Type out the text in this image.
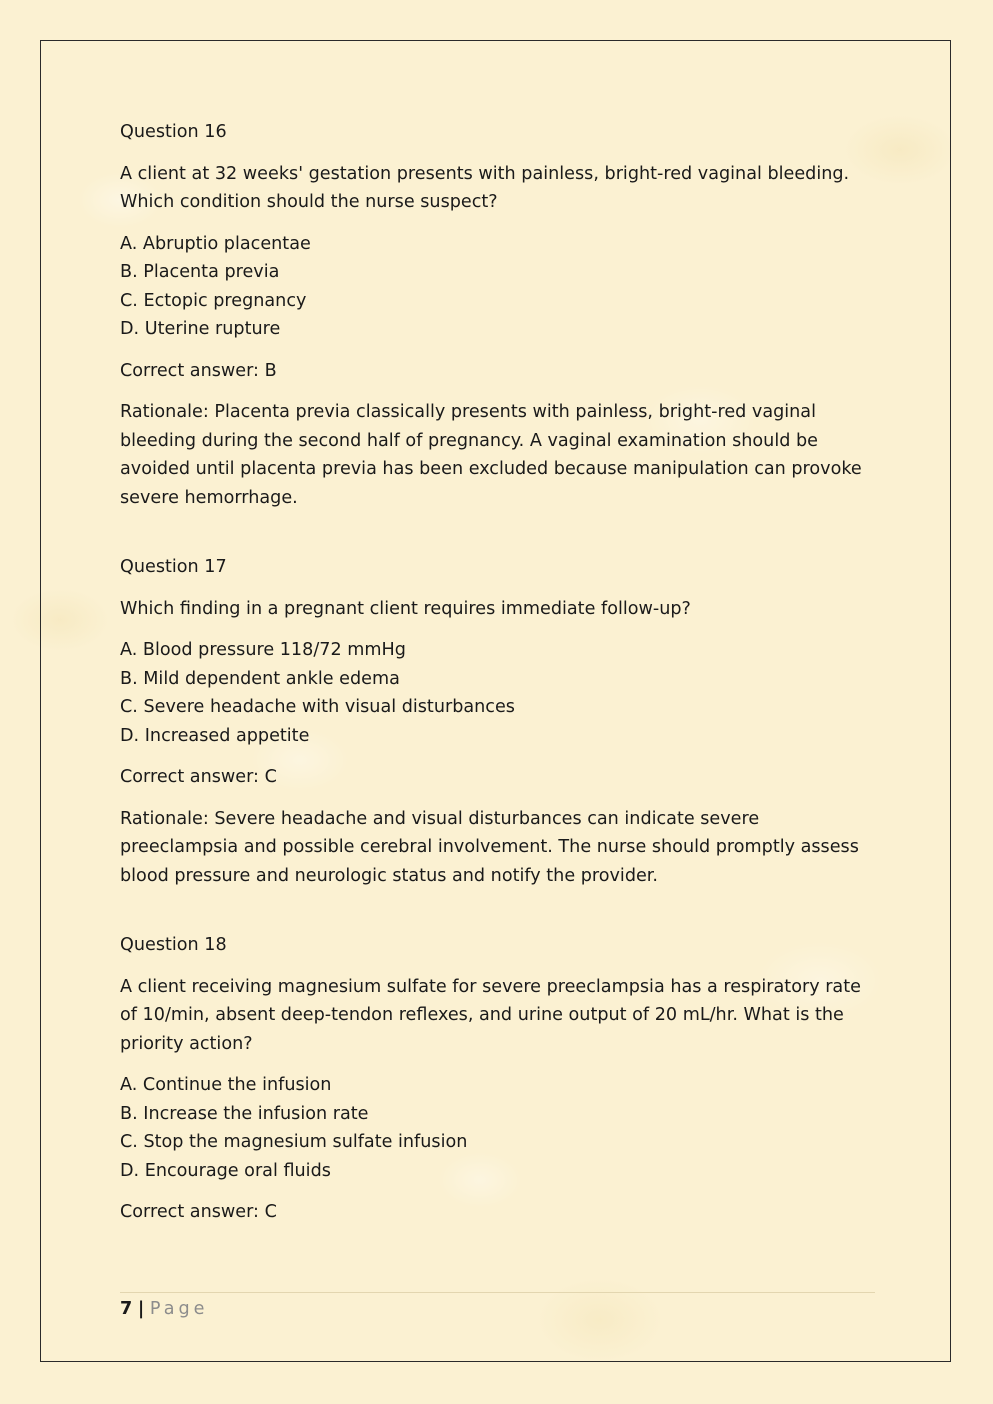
Question 16

A client at 32 weeks' gestation presents with painless, bright-red vaginal bleeding. Which condition should the nurse suspect?

A. Abruptio placentae
B. Placenta previa
C. Ectopic pregnancy
D. Uterine rupture

Correct answer: B

Rationale: Placenta previa classically presents with painless, bright-red vaginal bleeding during the second half of pregnancy. A vaginal examination should be avoided until placenta previa has been excluded because manipulation can provoke severe hemorrhage.

Question 17

Which finding in a pregnant client requires immediate follow-up?

A. Blood pressure 118/72 mmHg
B. Mild dependent ankle edema
C. Severe headache with visual disturbances
D. Increased appetite

Correct answer: C

Rationale: Severe headache and visual disturbances can indicate severe preeclampsia and possible cerebral involvement. The nurse should promptly assess blood pressure and neurologic status and notify the provider.

Question 18

A client receiving magnesium sulfate for severe preeclampsia has a respiratory rate of 10/min, absent deep-tendon reflexes, and urine output of 20 mL/hr. What is the priority action?

A. Continue the infusion
B. Increase the infusion rate
C. Stop the magnesium sulfate infusion
D. Encourage oral fluids

Correct answer: C

7 | Page
